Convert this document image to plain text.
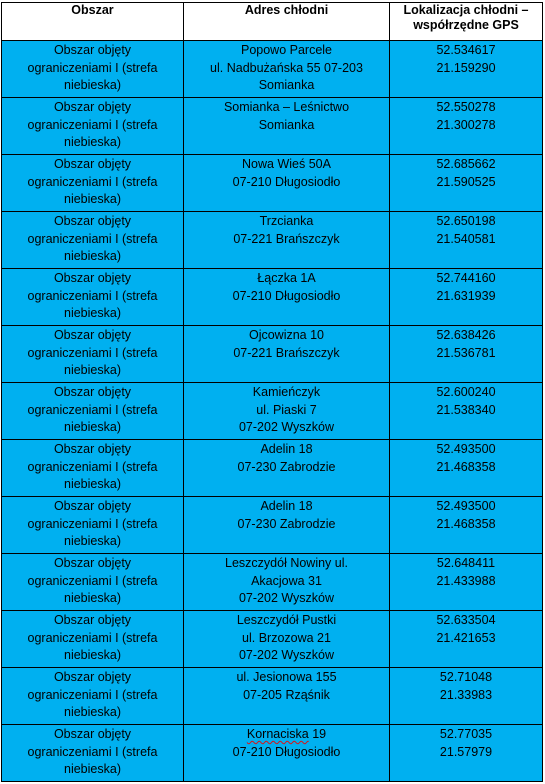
Obszar	Adres chłodni	Lokalizacja chłodni –
współrzędne GPS

Obszar objęty
ograniczeniami I (strefa
niebieska)	Popowo Parcele
ul. Nadbużańska 55 07-203
Somianka	52.534617
21.159290

Obszar objęty
ograniczeniami I (strefa
niebieska)	Somianka – Leśnictwo
Somianka	52.550278
21.300278

Obszar objęty
ograniczeniami I (strefa
niebieska)	Nowa Wieś 50A
07-210 Długosiodło	52.685662
21.590525

Obszar objęty
ograniczeniami I (strefa
niebieska)	Trzcianka
07-221 Brańszczyk	52.650198
21.540581

Obszar objęty
ograniczeniami I (strefa
niebieska)	Łączka 1A
07-210 Długosiodło	52.744160
21.631939

Obszar objęty
ograniczeniami I (strefa
niebieska)	Ojcowizna 10
07-221 Brańszczyk	52.638426
21.536781

Obszar objęty
ograniczeniami I (strefa
niebieska)	Kamieńczyk
ul. Piaski 7
07-202 Wyszków	52.600240
21.538340

Obszar objęty
ograniczeniami I (strefa
niebieska)	Adelin 18
07-230 Zabrodzie	52.493500
21.468358

Obszar objęty
ograniczeniami I (strefa
niebieska)	Adelin 18
07-230 Zabrodzie	52.493500
21.468358

Obszar objęty
ograniczeniami I (strefa
niebieska)	Leszczydół Nowiny ul.
Akacjowa 31
07-202 Wyszków	52.648411
21.433988

Obszar objęty
ograniczeniami I (strefa
niebieska)	Leszczydół Pustki
ul. Brzozowa 21
07-202 Wyszków	52.633504
21.421653

Obszar objęty
ograniczeniami I (strefa
niebieska)	ul. Jesionowa 155
07-205 Rząśnik	52.71048
21.33983

Obszar objęty
ograniczeniami I (strefa
niebieska)	Kornaciska 19
07-210 Długosiodło	52.77035
21.57979
